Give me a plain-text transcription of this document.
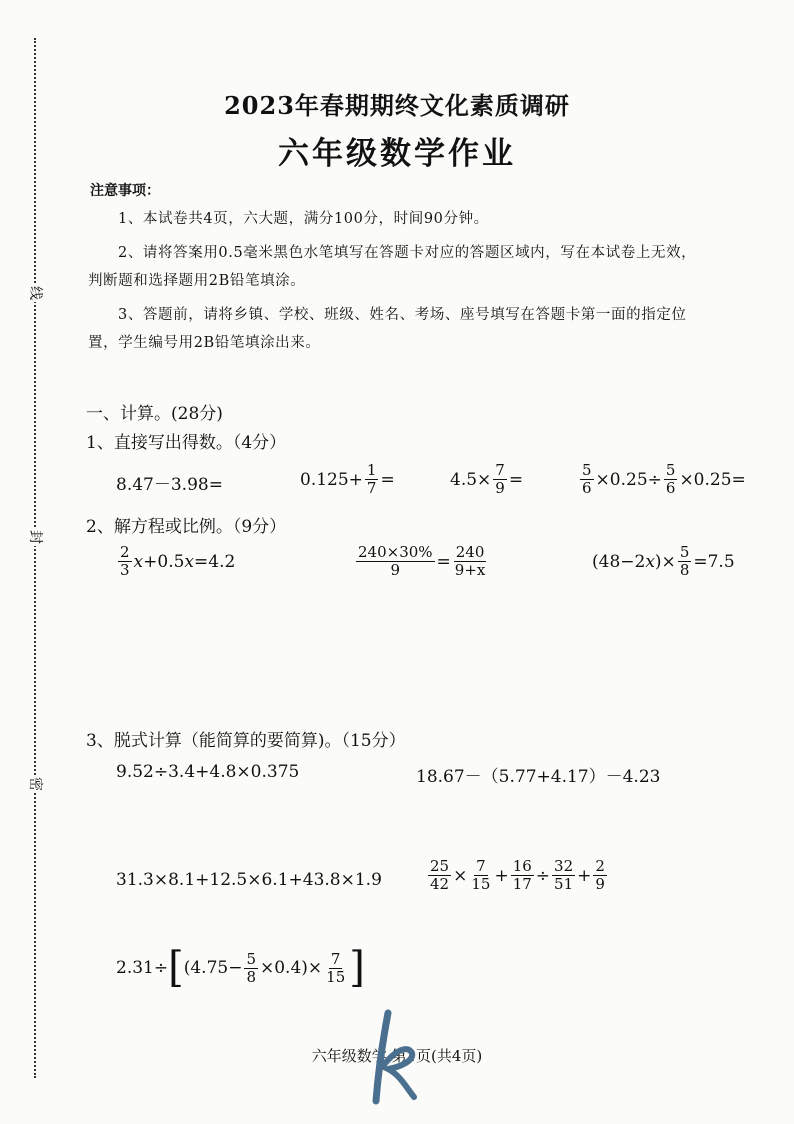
线
封
密
2023年春期期终文化素质调研
六年级数学作业
注意事项：
1、本试卷共4页，六大题，满分100分，时间90分钟。
2、请将答案用0.5毫米黑色水笔填写在答题卡对应的答题区域内，写在本试卷上无效，
判断题和选择题用2B铅笔填涂。
3、答题前，请将乡镇、学校、班级、姓名、考场、座号填写在答题卡第一面的指定位
置，学生编号用2B铅笔填涂出来。
一、计算。(28分)
1、直接写出得数。（4分）
8.47－3.98=	$0.125+ \frac{1}{7}$ =	$4.5\times \frac{7}{9}$ =	$\frac{5}{6} \times 0.25\div \frac{5}{6} \times 0.25=$
2、解方程或比例。（9分）
$\frac{2}{3}$ x +0.5 x =4.2	$\frac{240\times 30\%}{9} = \frac{240}{9+x}$	(48−2 x )× $\frac{5}{8} =7.5$
3、脱式计算（能简算的要简算)。（15分）
9.52÷3.4+4.8×0.375	18.67－（5.77+4.17）－4.23
31.3×8.1+12.5×6.1+43.8×1.9	$\frac{25}{42} \times \frac{7}{15} + \frac{16}{17} \div \frac{32}{51} + \frac{2}{9}$
2.31÷ [ $(4.75- \frac{5}{8} \times 0.4)\times \frac{7}{15}$ ]
六年级数学 第1页(共4页)
